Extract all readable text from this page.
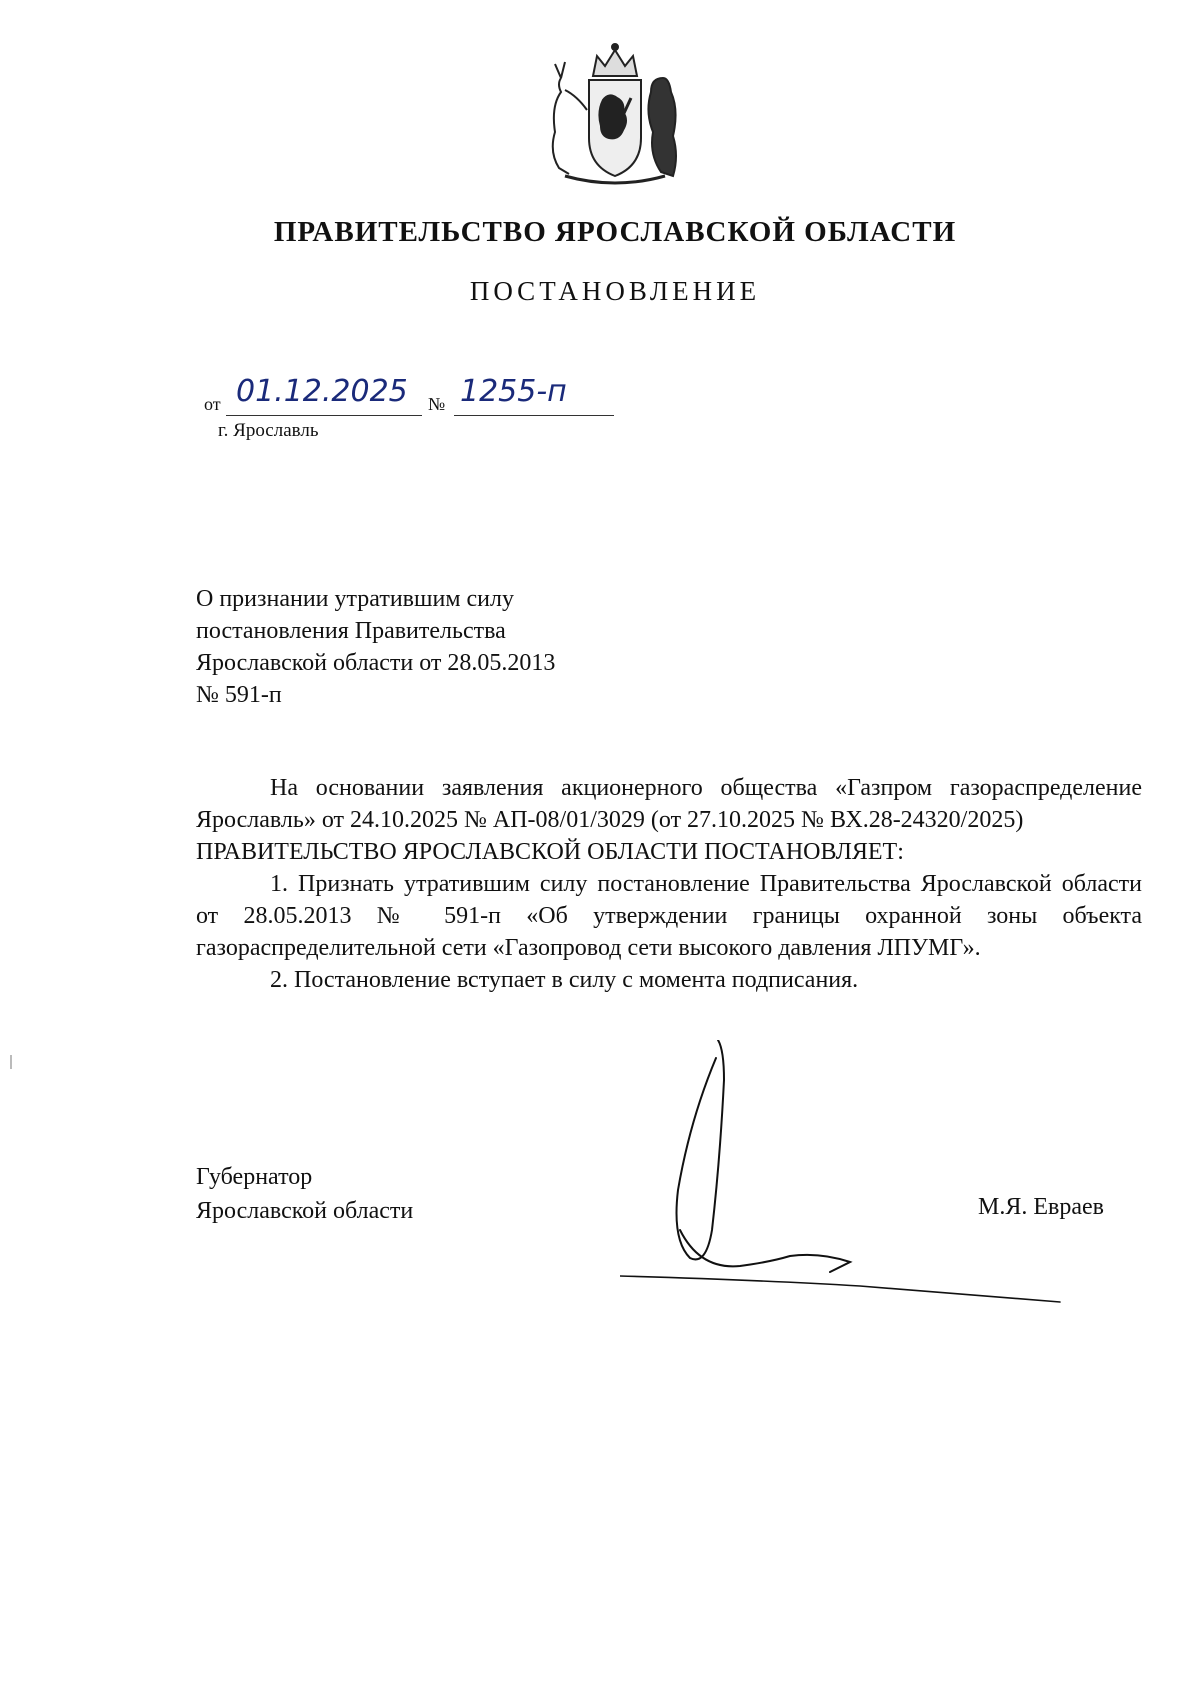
ПРАВИТЕЛЬСТВО ЯРОСЛАВСКОЙ ОБЛАСТИ
ПОСТАНОВЛЕНИЕ
от 01.12.2025 № 1255-п
г. Ярославль
О признании утратившим силу
постановления Правительства
Ярославской области от 28.05.2013
№ 591-п

На основании заявления акционерного общества «Газпром газораспределение Ярославль» от 24.10.2025 № АП-08/01/3029 (от 27.10.2025 № ВХ.28-24320/2025)

ПРАВИТЕЛЬСТВО ЯРОСЛАВСКОЙ ОБЛАСТИ ПОСТАНОВЛЯЕТ:

1. Признать утратившим силу постановление Правительства Ярославской области от 28.05.2013 № 591-п «Об утверждении границы охранной зоны объекта газораспределительной сети «Газопровод сети высокого давления ЛПУМГ».

2. Постановление вступает в силу с момента подписания.

Губернатор
Ярославской области	М.Я. Евраев
